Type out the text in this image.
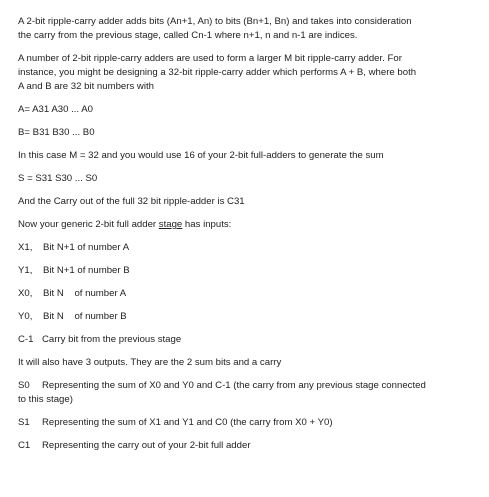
A 2-bit ripple-carry adder adds bits (An+1, An) to bits (Bn+1, Bn) and takes into consideration
the carry from the previous stage, called Cn-1 where n+1, n and n-1 are indices.
A number of 2-bit ripple-carry adders are used to form a larger M bit ripple-carry adder. For
instance, you might be designing a 32-bit ripple-carry adder which performs A + B, where both
A and B are 32 bit numbers with
A= A31 A30 ... A0
B= B31 B30 ... B0
In this case M = 32 and you would use 16 of your 2-bit full-adders to generate the sum
S = S31 S30 ... S0
And the Carry out of the full 32 bit ripple-adder is C31
Now your generic 2-bit full adder stage has inputs:
X1, Bit N+1 of number A
Y1, Bit N+1 of number B
X0, Bit N    of number A
Y0, Bit N    of number B
C-1 Carry bit from the previous stage
It will also have 3 outputs. They are the 2 sum bits and a carry
S0 Representing the sum of X0 and Y0 and C-1 (the carry from any previous stage connected
to this stage)
S1 Representing the sum of X1 and Y1 and C0 (the carry from X0 + Y0)
C1 Representing the carry out of your 2-bit full adder
